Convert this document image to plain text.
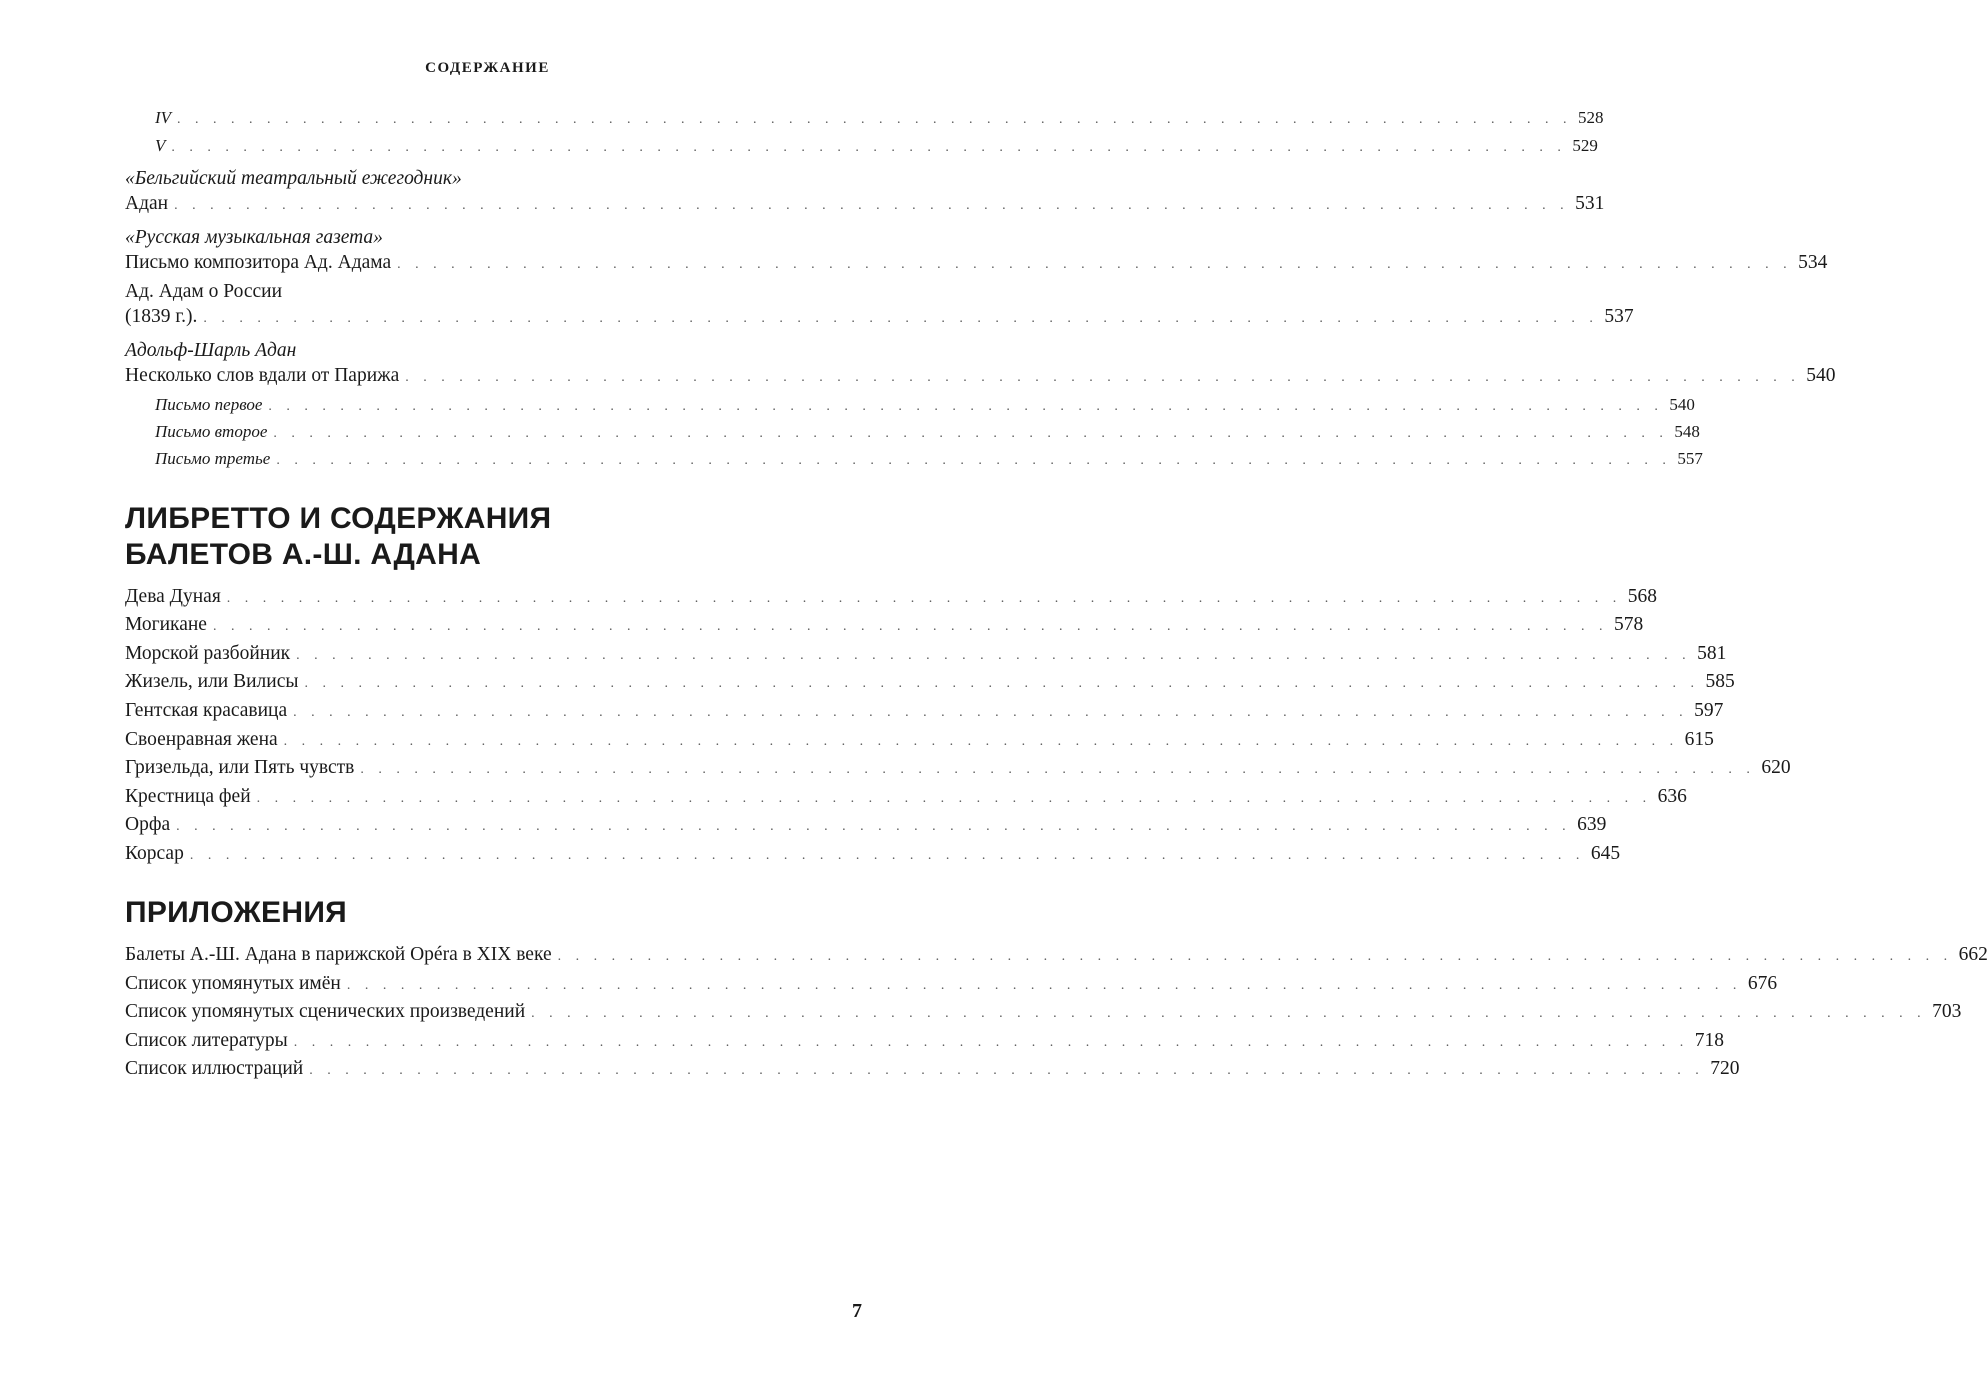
СОДЕРЖАНИЕ
IV . . . . . . . . . . . . . . . . . . . . . . . . . . . . . . . . . . . . . . . . . . . . . . . . . . . . . . . . . . . . . . . . . . . . . . . . . . . . . . 528
V . . . . . . . . . . . . . . . . . . . . . . . . . . . . . . . . . . . . . . . . . . . . . . . . . . . . . . . . . . . . . . . . . . . . . . . . . . . . . . 529
«Бельгийский театральный ежегодник»
Адан . . . . . . . . . . . . . . . . . . . . . . . . . . . . . . . . . . . . . . . . . . . . . . . . . . . . . . . . . . . . . . . . . . . . . . . . . . . . . . 531
«Русская музыкальная газета»
Письмо композитора Ад. Адама . . . . . . . . . . . . . . . . . . . . . . . . . . . . . . . . . . . . . . . . . . . . . . . . . . . . . . . . . . . . . . . . . . . . . . . . . . . . . . 534
Ад. Адам о России
(1839 г.). . . . . . . . . . . . . . . . . . . . . . . . . . . . . . . . . . . . . . . . . . . . . . . . . . . . . . . . . . . . . . . . . . . . . . . . . . . . . . . 537
Адольф-Шарль Адан
Несколько слов вдали от Парижа . . . . . . . . . . . . . . . . . . . . . . . . . . . . . . . . . . . . . . . . . . . . . . . . . . . . . . . . . . . . . . . . . . . . . . . . . . . . . . 540
Письмо первое . . . . . . . . . . . . . . . . . . . . . . . . . . . . . . . . . . . . . . . . . . . . . . . . . . . . . . . . . . . . . . . . . . . . . . . . . . . . . . 540
Письмо второе . . . . . . . . . . . . . . . . . . . . . . . . . . . . . . . . . . . . . . . . . . . . . . . . . . . . . . . . . . . . . . . . . . . . . . . . . . . . . . 548
Письмо третье . . . . . . . . . . . . . . . . . . . . . . . . . . . . . . . . . . . . . . . . . . . . . . . . . . . . . . . . . . . . . . . . . . . . . . . . . . . . . . 557
ЛИБРЕТТО И СОДЕРЖАНИЯ
БАЛЕТОВ А.-Ш. АДАНА
Дева Дуная . . . . . . . . . . . . . . . . . . . . . . . . . . . . . . . . . . . . . . . . . . . . . . . . . . . . . . . . . . . . . . . . . . . . . . . . . . . . . . 568
Могикане . . . . . . . . . . . . . . . . . . . . . . . . . . . . . . . . . . . . . . . . . . . . . . . . . . . . . . . . . . . . . . . . . . . . . . . . . . . . . . 578
Морской разбойник . . . . . . . . . . . . . . . . . . . . . . . . . . . . . . . . . . . . . . . . . . . . . . . . . . . . . . . . . . . . . . . . . . . . . . . . . . . . . . 581
Жизель, или Вилисы . . . . . . . . . . . . . . . . . . . . . . . . . . . . . . . . . . . . . . . . . . . . . . . . . . . . . . . . . . . . . . . . . . . . . . . . . . . . . . 585
Гентская красавица . . . . . . . . . . . . . . . . . . . . . . . . . . . . . . . . . . . . . . . . . . . . . . . . . . . . . . . . . . . . . . . . . . . . . . . . . . . . . . 597
Своенравная жена . . . . . . . . . . . . . . . . . . . . . . . . . . . . . . . . . . . . . . . . . . . . . . . . . . . . . . . . . . . . . . . . . . . . . . . . . . . . . . 615
Гризельда, или Пять чувств . . . . . . . . . . . . . . . . . . . . . . . . . . . . . . . . . . . . . . . . . . . . . . . . . . . . . . . . . . . . . . . . . . . . . . . . . . . . . . 620
Крестница фей . . . . . . . . . . . . . . . . . . . . . . . . . . . . . . . . . . . . . . . . . . . . . . . . . . . . . . . . . . . . . . . . . . . . . . . . . . . . . . 636
Орфа . . . . . . . . . . . . . . . . . . . . . . . . . . . . . . . . . . . . . . . . . . . . . . . . . . . . . . . . . . . . . . . . . . . . . . . . . . . . . . 639
Корсар . . . . . . . . . . . . . . . . . . . . . . . . . . . . . . . . . . . . . . . . . . . . . . . . . . . . . . . . . . . . . . . . . . . . . . . . . . . . . . 645
ПРИЛОЖЕНИЯ
Балеты А.-Ш. Адана в парижской Opéra в XIX веке . . . . . . . . . . . . . . . . . . . . . . . . . . . . . . . . . . . . . . . . . . . . . . . . . . . . . . . . . . . . . . . . . . . . . . . . . . . . . . 662
Список упомянутых имён . . . . . . . . . . . . . . . . . . . . . . . . . . . . . . . . . . . . . . . . . . . . . . . . . . . . . . . . . . . . . . . . . . . . . . . . . . . . . . 676
Список упомянутых сценических произведений . . . . . . . . . . . . . . . . . . . . . . . . . . . . . . . . . . . . . . . . . . . . . . . . . . . . . . . . . . . . . . . . . . . . . . . . . . . . . . 703
Список литературы . . . . . . . . . . . . . . . . . . . . . . . . . . . . . . . . . . . . . . . . . . . . . . . . . . . . . . . . . . . . . . . . . . . . . . . . . . . . . . 718
Список иллюстраций . . . . . . . . . . . . . . . . . . . . . . . . . . . . . . . . . . . . . . . . . . . . . . . . . . . . . . . . . . . . . . . . . . . . . . . . . . . . . . 720
7
